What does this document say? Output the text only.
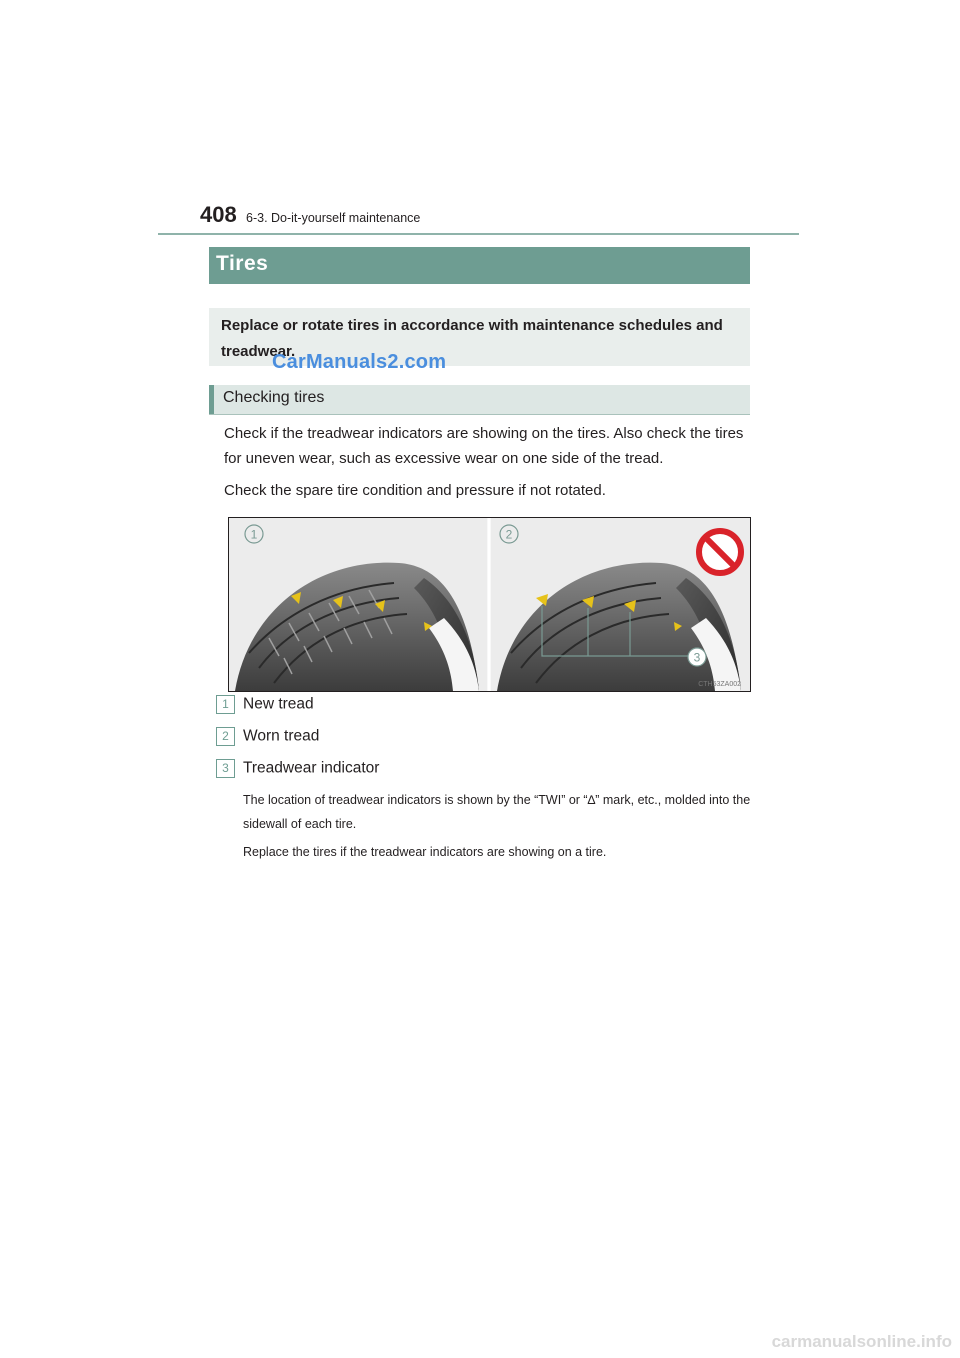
408 6-3. Do-it-yourself maintenance
Tires
Replace or rotate tires in accordance with maintenance schedules and treadwear.
CarManuals2.com
Checking tires
Check if the treadwear indicators are showing on the tires. Also check the tires for uneven wear, such as excessive wear on one side of the tread.
Check the spare tire condition and pressure if not rotated.
1
3
2
CTH53ZA002
1 New tread
2 Worn tread
3 Treadwear indicator
The location of treadwear indicators is shown by the “TWI” or “∆” mark, etc., molded into the sidewall of each tire.
Replace the tires if the treadwear indicators are showing on a tire.
carmanualsonline.info
